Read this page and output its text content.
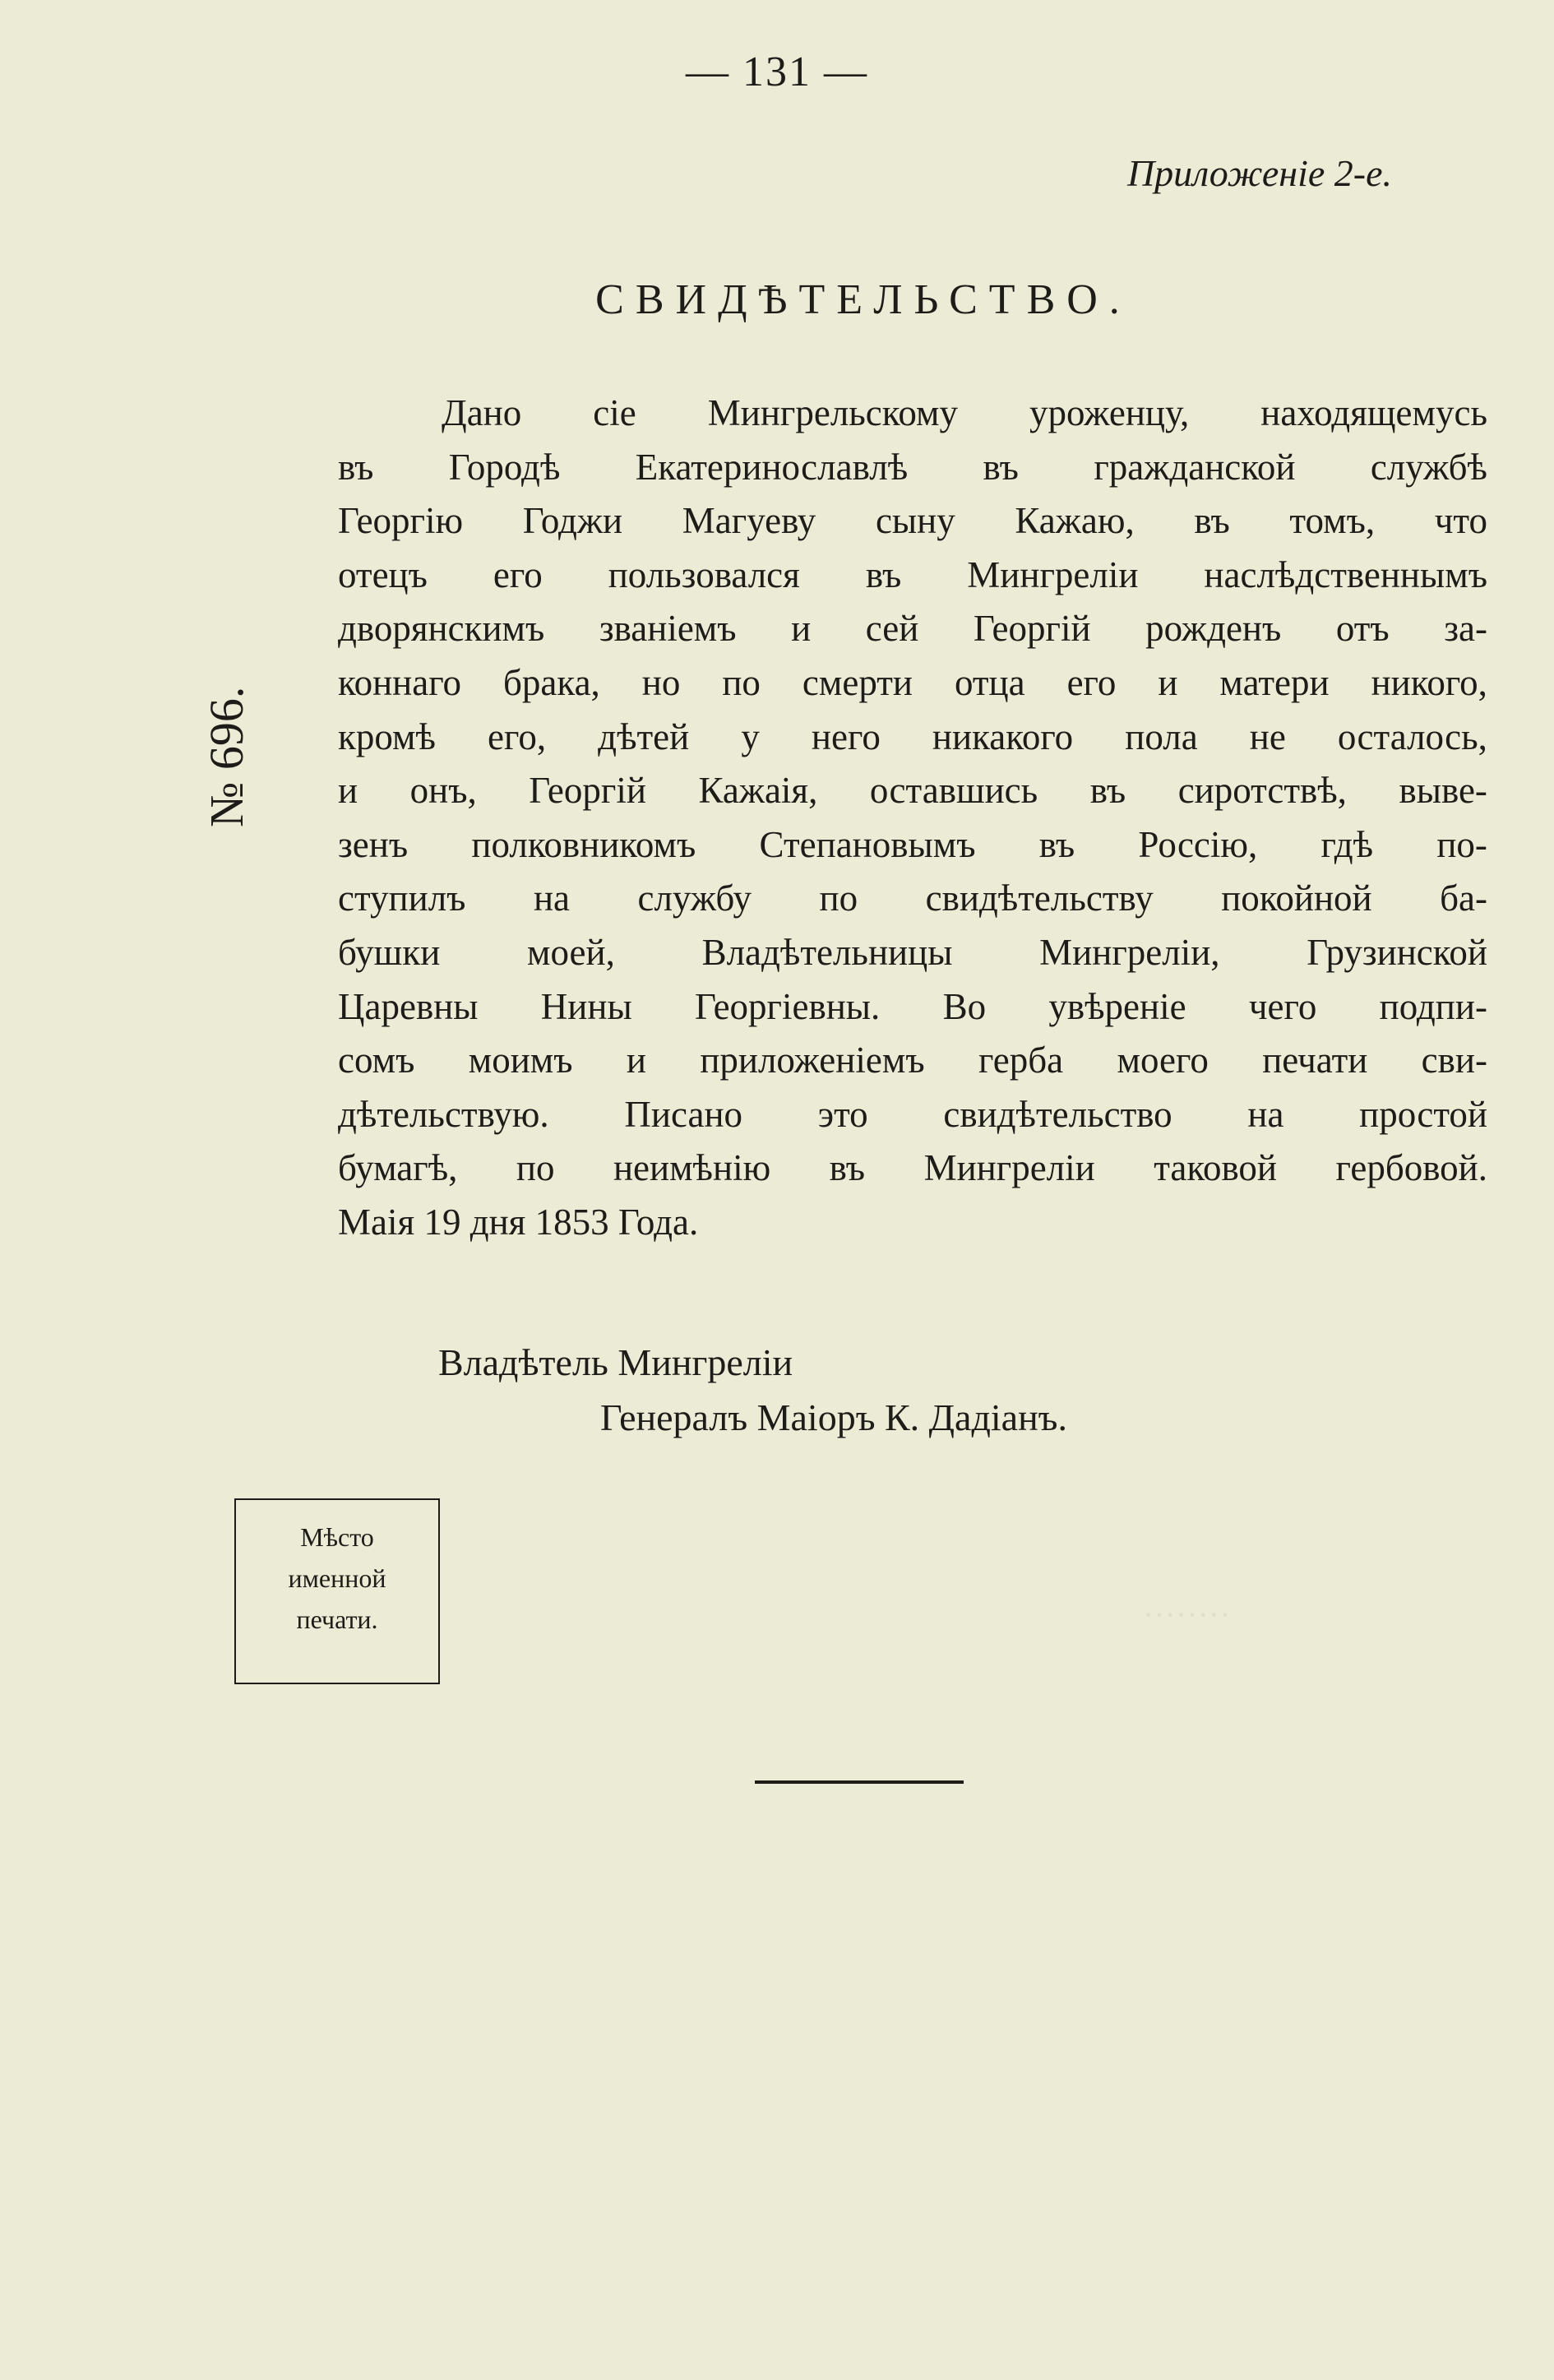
········
— 131 —
Приложеніе 2-е.
СВИДѢТЕЛЬСТВО.
№ 696.
Дано сіе Мингрельскому уроженцу, находящемусь
въ Городѣ Екатеринославлѣ въ гражданской службѣ
Георгію Годжи Магуеву сыну Кажаю, въ томъ, что
отецъ его пользовался въ Мингреліи наслѣдственнымъ
дворянскимъ званіемъ и сей Георгій рожденъ отъ за-
коннаго брака, но по смерти отца его и матери никого,
кромѣ его, дѣтей у него никакого пола не осталось,
и онъ, Георгій Кажаія, оставшись въ сиротствѣ, выве-
зенъ полковникомъ Степановымъ въ Россію, гдѣ по-
ступилъ на службу по свидѣтельству покойной ба-
бушки моей, Владѣтельницы Мингреліи, Грузинской
Царевны Нины Георгіевны. Во увѣреніе чего подпи-
сомъ моимъ и приложеніемъ герба моего печати сви-
дѣтельствую. Писано это свидѣтельство на простой
бумагѣ, по неимѣнію въ Мингреліи таковой гербовой.
Маія
19
дня
1853
Года.

Владѣтель Мингреліи
Генералъ Маіоръ К. Дадіанъ.
Мѣсто
именной
печати.
